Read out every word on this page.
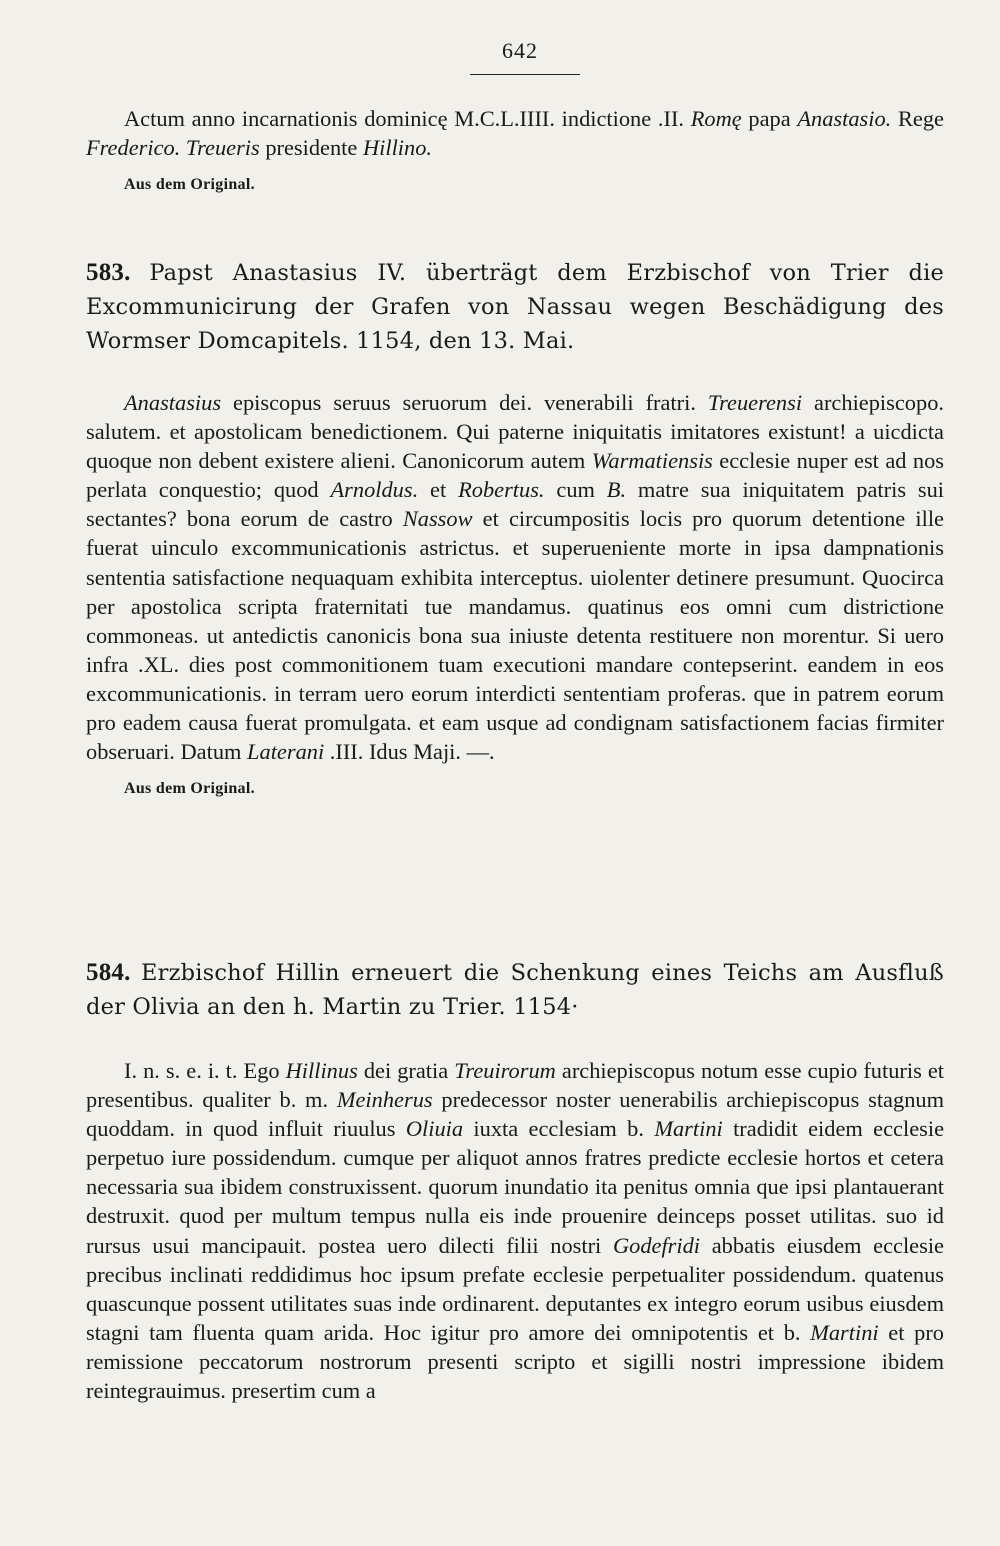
642

Actum anno incarnationis dominicę M.C.L.IIII. indictione .II. Romę papa Anastasio. Rege Frederico. Treueris presidente Hillino.

Aus dem Original.

583. Papst Anastasius IV. überträgt dem Erzbischof von Trier die Excommunicirung der Grafen von Nassau wegen Beschädigung des Wormser Domcapitels. 1154, den 13. Mai.

Anastasius episcopus seruus seruorum dei. venerabili fratri. Treuerensi archiepiscopo. salutem. et apostolicam benedictionem. Qui paterne iniquitatis imitatores existunt! a uicdicta quoque non debent existere alieni. Canonicorum autem Warmatiensis ecclesie nuper est ad nos perlata conquestio; quod Arnoldus. et Robertus. cum B. matre sua iniquitatem patris sui sectantes? bona eorum de castro Nassow et circumpositis locis pro quorum detentione ille fuerat uinculo excommunicationis astrictus. et superueniente morte in ipsa dampnationis sententia satisfactione nequaquam exhibita interceptus. uiolenter detinere presumunt. Quocirca per apostolica scripta fraternitati tue mandamus. quatinus eos omni cum districtione commoneas. ut antedictis canonicis bona sua iniuste detenta restituere non morentur. Si uero infra .XL. dies post commonitionem tuam executioni mandare contepserint. eandem in eos excommunicationis. in terram uero eorum interdicti sententiam proferas. que in patrem eorum pro eadem causa fuerat promulgata. et eam usque ad condignam satisfactionem facias firmiter obseruari. Datum Laterani .III. Idus Maji. —.

Aus dem Original.

584. Erzbischof Hillin erneuert die Schenkung eines Teichs am Ausfluß der Olivia an den h. Martin zu Trier. 1154·

I. n. s. e. i. t. Ego Hillinus dei gratia Treuirorum archiepiscopus notum esse cupio futuris et presentibus. qualiter b. m. Meinherus predecessor noster uenerabilis archiepiscopus stagnum quoddam. in quod influit riuulus Oliuia iuxta ecclesiam b. Martini tradidit eidem ecclesie perpetuo iure possidendum. cumque per aliquot annos fratres predicte ecclesie hortos et cetera necessaria sua ibidem construxissent. quorum inundatio ita penitus omnia que ipsi plantauerant destruxit. quod per multum tempus nulla eis inde prouenire deinceps posset utilitas. suo id rursus usui mancipauit. postea uero dilecti filii nostri Godefridi abbatis eiusdem ecclesie precibus inclinati reddidimus hoc ipsum prefate ecclesie perpetualiter possidendum. quatenus quascunque possent utilitates suas inde ordinarent. deputantes ex integro eorum usibus eiusdem stagni tam fluenta quam arida. Hoc igitur pro amore dei omnipotentis et b. Martini et pro remissione peccatorum nostrorum presenti scripto et sigilli nostri impressione ibidem reintegrauimus. presertim cum a
